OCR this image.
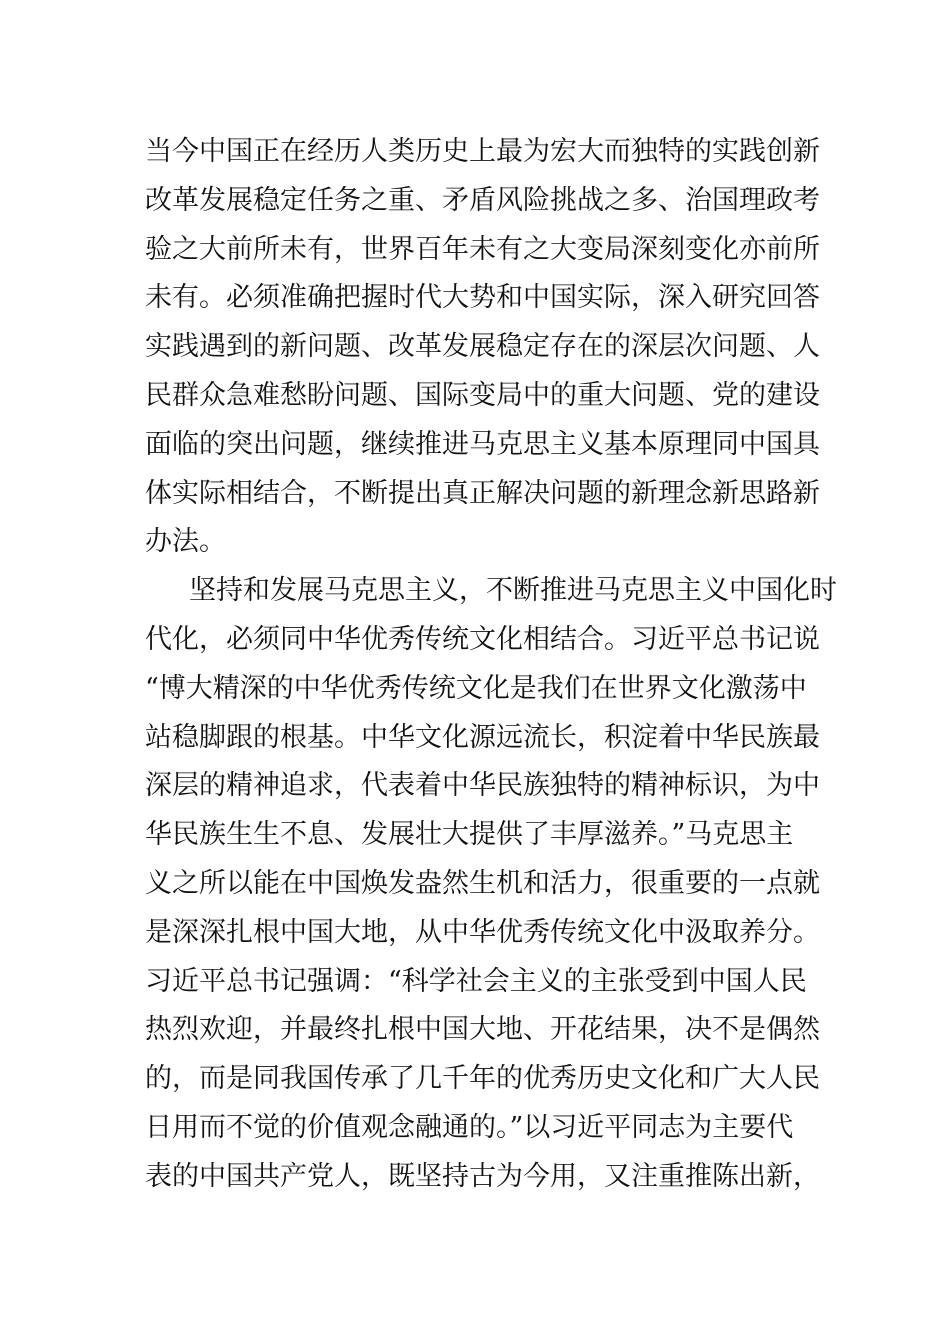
当今中国正在经历人类历史上最为宏大而独特的实践创新
改革发展稳定任务之重、矛盾风险挑战之多、治国理政考
验之大前所未有，世界百年未有之大变局深刻变化亦前所
未有。必须准确把握时代大势和中国实际，深入研究回答
实践遇到的新问题、改革发展稳定存在的深层次问题、人
民群众急难愁盼问题、国际变局中的重大问题、党的建设
面临的突出问题，继续推进马克思主义基本原理同中国具
体实际相结合，不断提出真正解决问题的新理念新思路新
办法。
坚持和发展马克思主义，不断推进马克思主义中国化时
代化，必须同中华优秀传统文化相结合。习近平总书记说
“博大精深的中华优秀传统文化是我们在世界文化激荡中
站稳脚跟的根基。中华文化源远流长，积淀着中华民族最
深层的精神追求，代表着中华民族独特的精神标识，为中
华民族生生不息、发展壮大提供了丰厚滋养。”马克思主
义之所以能在中国焕发盎然生机和活力，很重要的一点就
是深深扎根中国大地，从中华优秀传统文化中汲取养分。
习近平总书记强调：“科学社会主义的主张受到中国人民
热烈欢迎，并最终扎根中国大地、开花结果，决不是偶然
的，而是同我国传承了几千年的优秀历史文化和广大人民
日用而不觉的价值观念融通的。”以习近平同志为主要代
表的中国共产党人，既坚持古为今用，又注重推陈出新，
